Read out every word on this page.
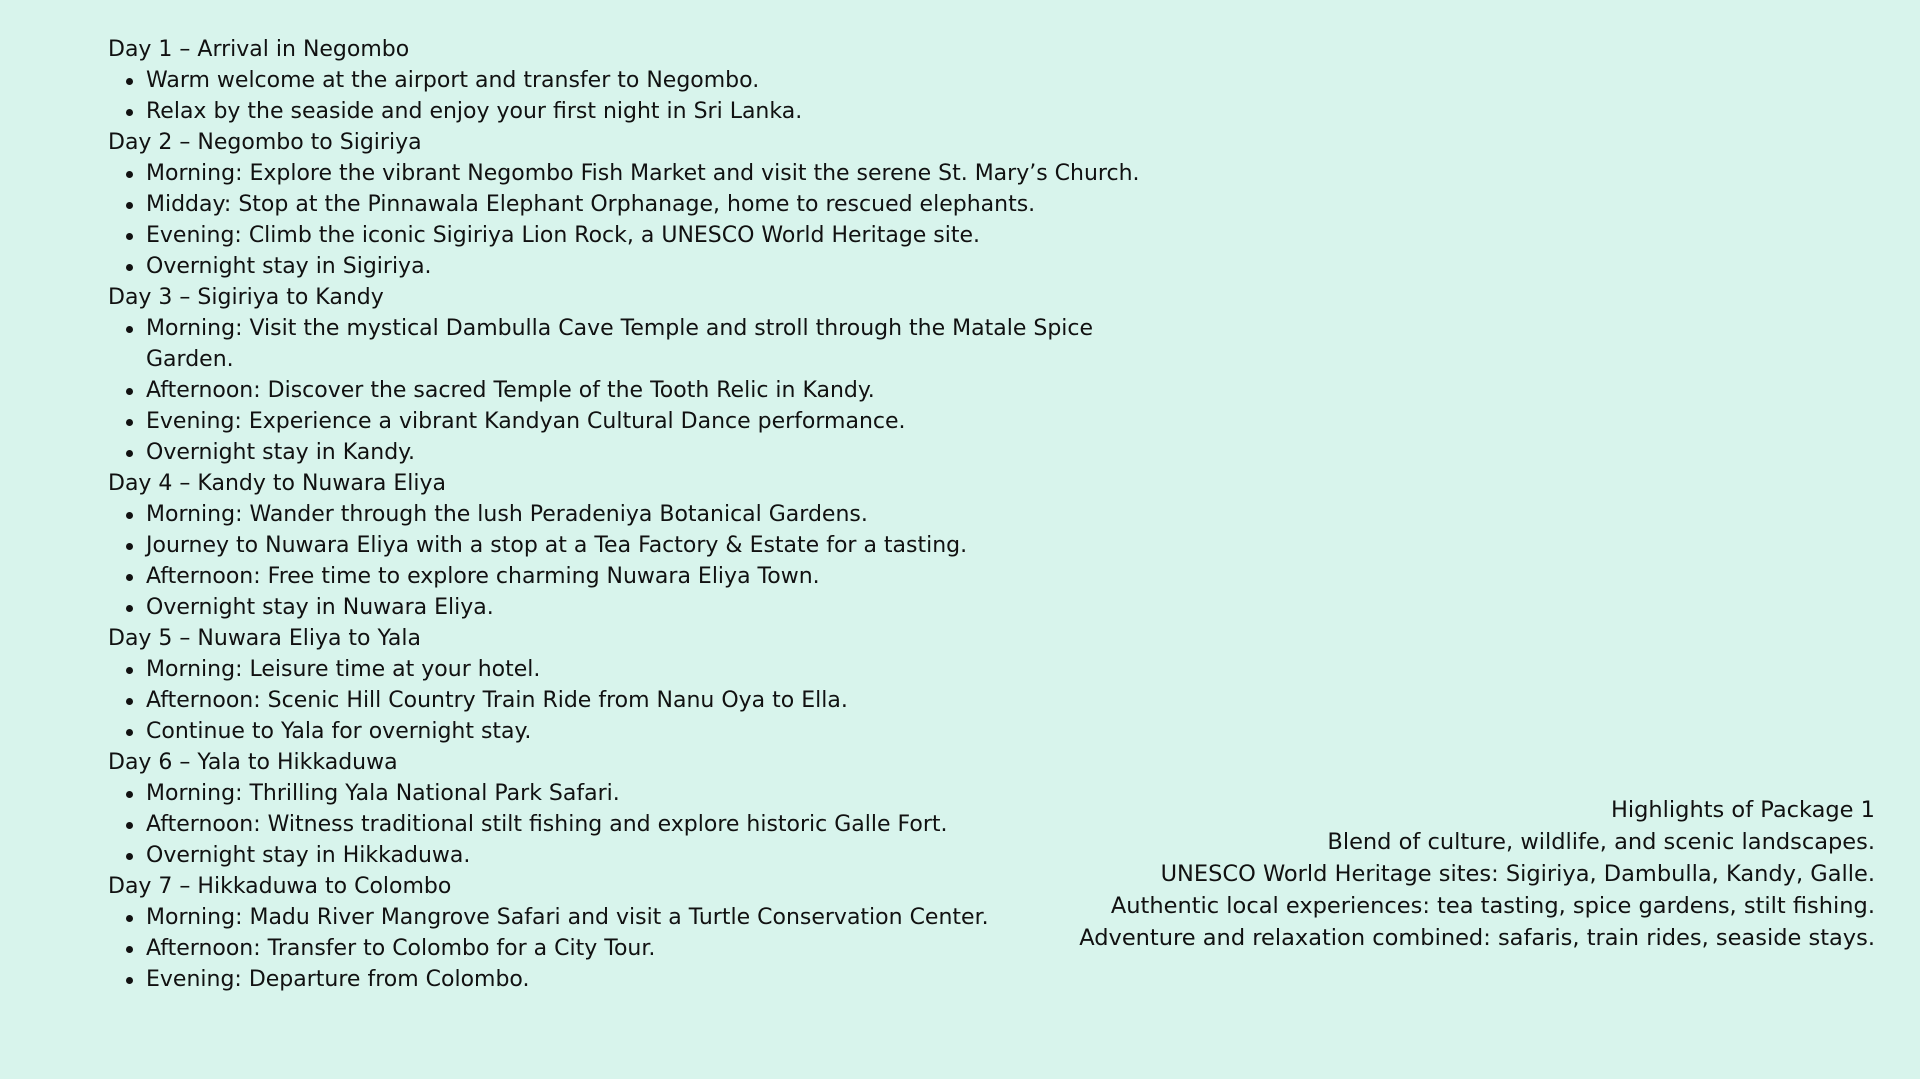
Day 1 – Arrival in Negombo
Warm welcome at the airport and transfer to Negombo.
Relax by the seaside and enjoy your first night in Sri Lanka.
Day 2 – Negombo to Sigiriya
Morning: Explore the vibrant Negombo Fish Market and visit the serene St. Mary’s Church.
Midday: Stop at the Pinnawala Elephant Orphanage, home to rescued elephants.
Evening: Climb the iconic Sigiriya Lion Rock, a UNESCO World Heritage site.
Overnight stay in Sigiriya.
Day 3 – Sigiriya to Kandy
Morning: Visit the mystical Dambulla Cave Temple and stroll through the Matale Spice Garden.
Afternoon: Discover the sacred Temple of the Tooth Relic in Kandy.
Evening: Experience a vibrant Kandyan Cultural Dance performance.
Overnight stay in Kandy.
Day 4 – Kandy to Nuwara Eliya
Morning: Wander through the lush Peradeniya Botanical Gardens.
Journey to Nuwara Eliya with a stop at a Tea Factory & Estate for a tasting.
Afternoon: Free time to explore charming Nuwara Eliya Town.
Overnight stay in Nuwara Eliya.
Day 5 – Nuwara Eliya to Yala
Morning: Leisure time at your hotel.
Afternoon: Scenic Hill Country Train Ride from Nanu Oya to Ella.
Continue to Yala for overnight stay.
Day 6 – Yala to Hikkaduwa
Morning: Thrilling Yala National Park Safari.
Afternoon: Witness traditional stilt fishing and explore historic Galle Fort.
Overnight stay in Hikkaduwa.
Day 7 – Hikkaduwa to Colombo
Morning: Madu River Mangrove Safari and visit a Turtle Conservation Center.
Afternoon: Transfer to Colombo for a City Tour.
Evening: Departure from Colombo.

Highlights of Package 1

Blend of culture, wildlife, and scenic landscapes.

UNESCO World Heritage sites: Sigiriya, Dambulla, Kandy, Galle.

Authentic local experiences: tea tasting, spice gardens, stilt fishing.

Adventure and relaxation combined: safaris, train rides, seaside stays.
